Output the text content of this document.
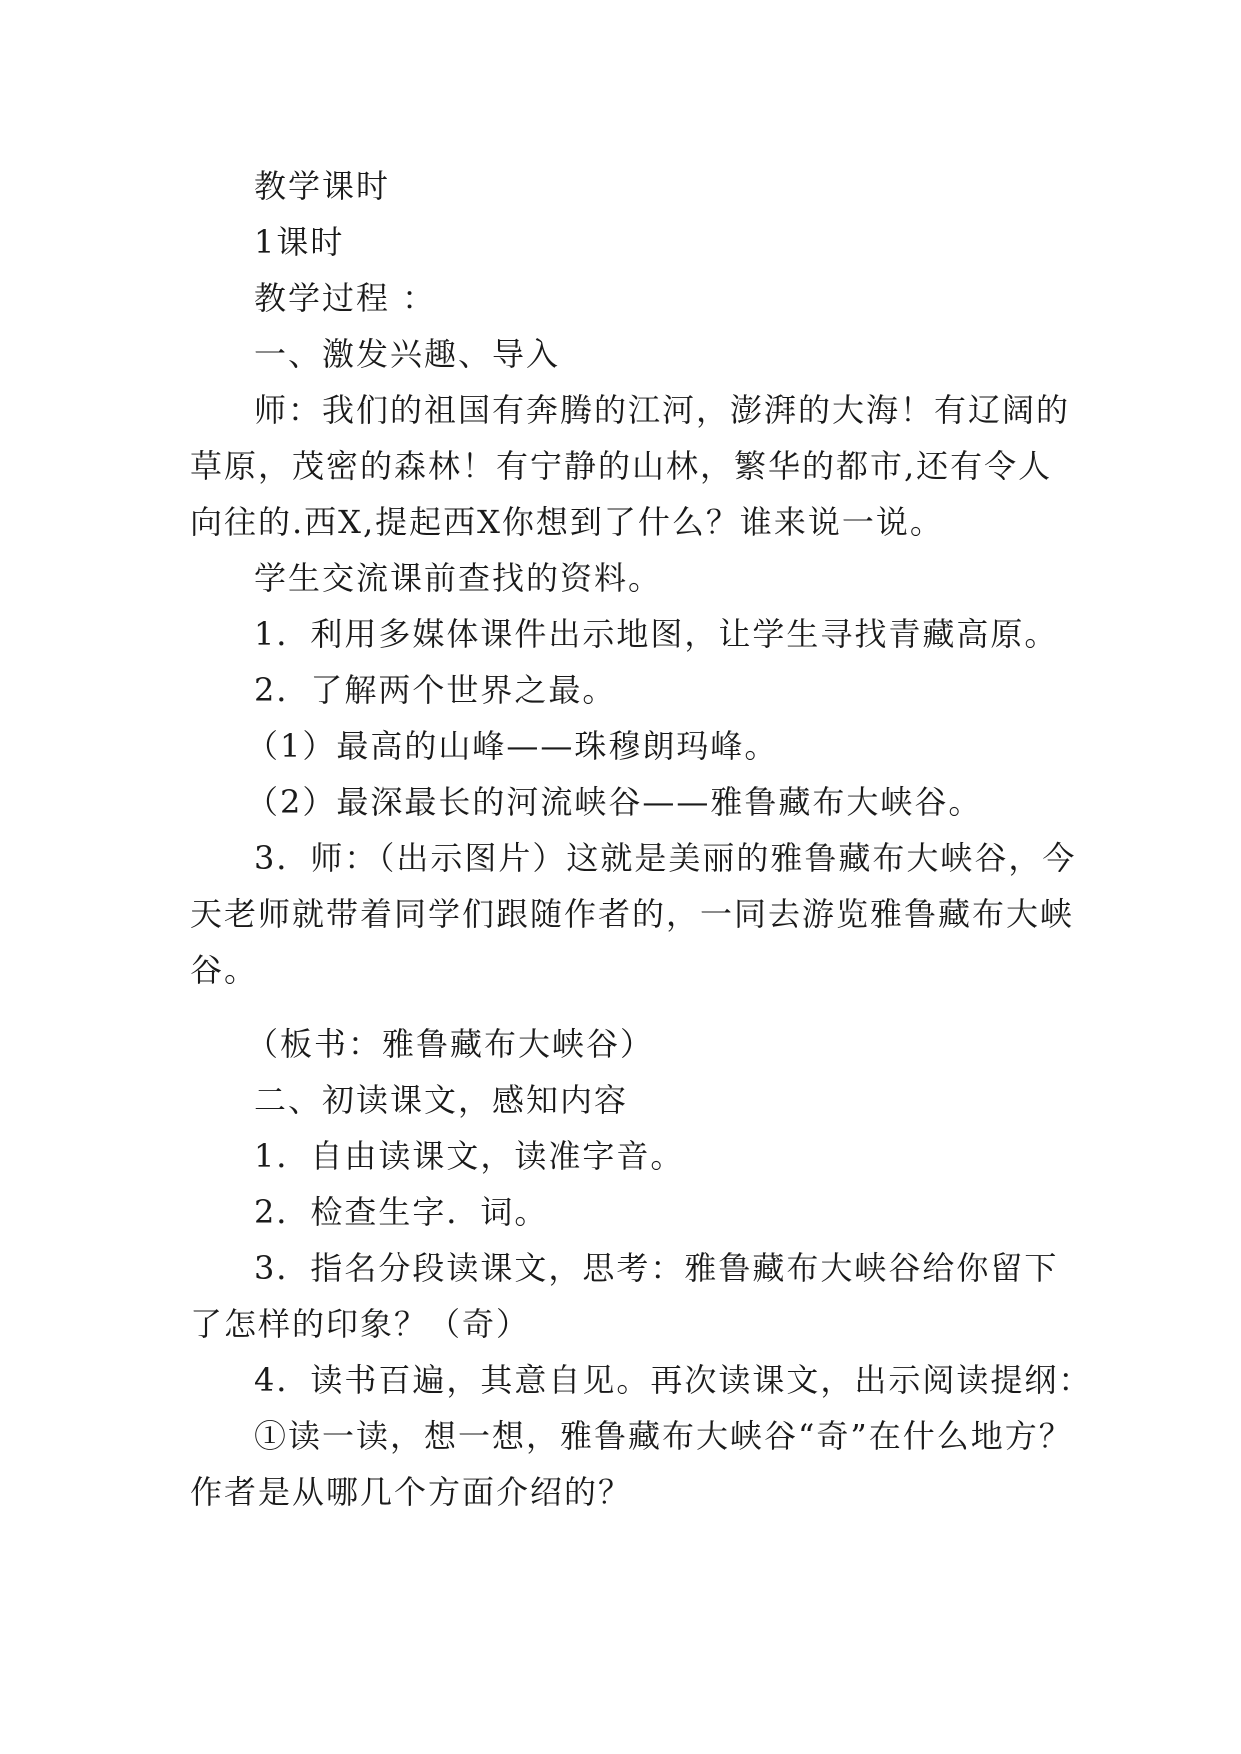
教学课时

1课时

教学过程 ：

一、激发兴趣、导入

师：我们的祖国有奔腾的江河，澎湃的大海！有辽阔的

草原，茂密的森林！有宁静的山林，繁华的都市,还有令人

向往的.西X,提起西X你想到了什么？谁来说一说。

学生交流课前查找的资料。

1．利用多媒体课件出示地图，让学生寻找青藏高原。

2．了解两个世界之最。

（1）最高的山峰——珠穆朗玛峰。

（2）最深最长的河流峡谷——雅鲁藏布大峡谷。

3．师：（出示图片）这就是美丽的雅鲁藏布大峡谷，今

天老师就带着同学们跟随作者的，一同去游览雅鲁藏布大峡

谷。

（板书：雅鲁藏布大峡谷）

二、初读课文，感知内容

1．自由读课文，读准字音。

2．检查生字．词。

3．指名分段读课文，思考：雅鲁藏布大峡谷给你留下

了怎样的印象？（奇）

4．读书百遍，其意自见。再次读课文，出示阅读提纲：

①读一读，想一想，雅鲁藏布大峡谷“奇”在什么地方？

作者是从哪几个方面介绍的？
